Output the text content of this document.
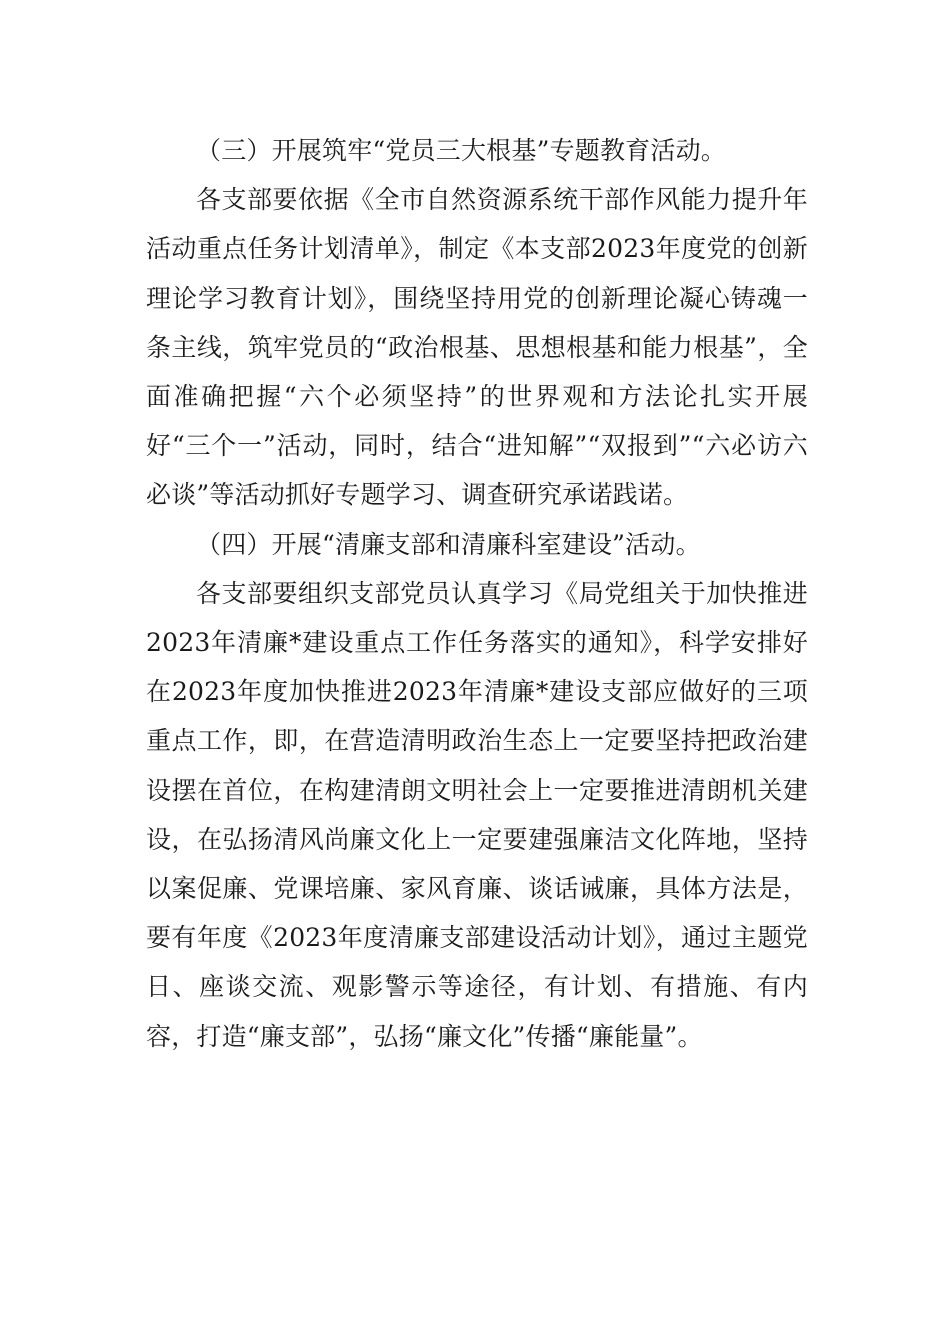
（三）开展筑牢“党员三大根基”专题教育活动。

各支部要依据《全市自然资源系统干部作风能力提升年活动重点任务计划清单》，制定《本支部2023年度党的创新理论学习教育计划》，围绕坚持用党的创新理论凝心铸魂一条主线，筑牢党员的“政治根基、思想根基和能力根基”，全面准确把握“六个必须坚持”的世界观和方法论扎实开展好“三个一”活动，同时，结合“进知解”“双报到”“六必访六必谈”等活动抓好专题学习、调查研究承诺践诺。

（四）开展“清廉支部和清廉科室建设”活动。

各支部要组织支部党员认真学习《局党组关于加快推进2023年清廉*建设重点工作任务落实的通知》，科学安排好在2023年度加快推进2023年清廉*建设支部应做好的三项重点工作，即，在营造清明政治生态上一定要坚持把政治建设摆在首位，在构建清朗文明社会上一定要推进清朗机关建设，在弘扬清风尚廉文化上一定要建强廉洁文化阵地，坚持以案促廉、党课培廉、家风育廉、谈话诫廉，具体方法是，要有年度《2023年度清廉支部建设活动计划》，通过主题党日、座谈交流、观影警示等途径，有计划、有措施、有内容，打造“廉支部”，弘扬“廉文化”传播“廉能量”。
